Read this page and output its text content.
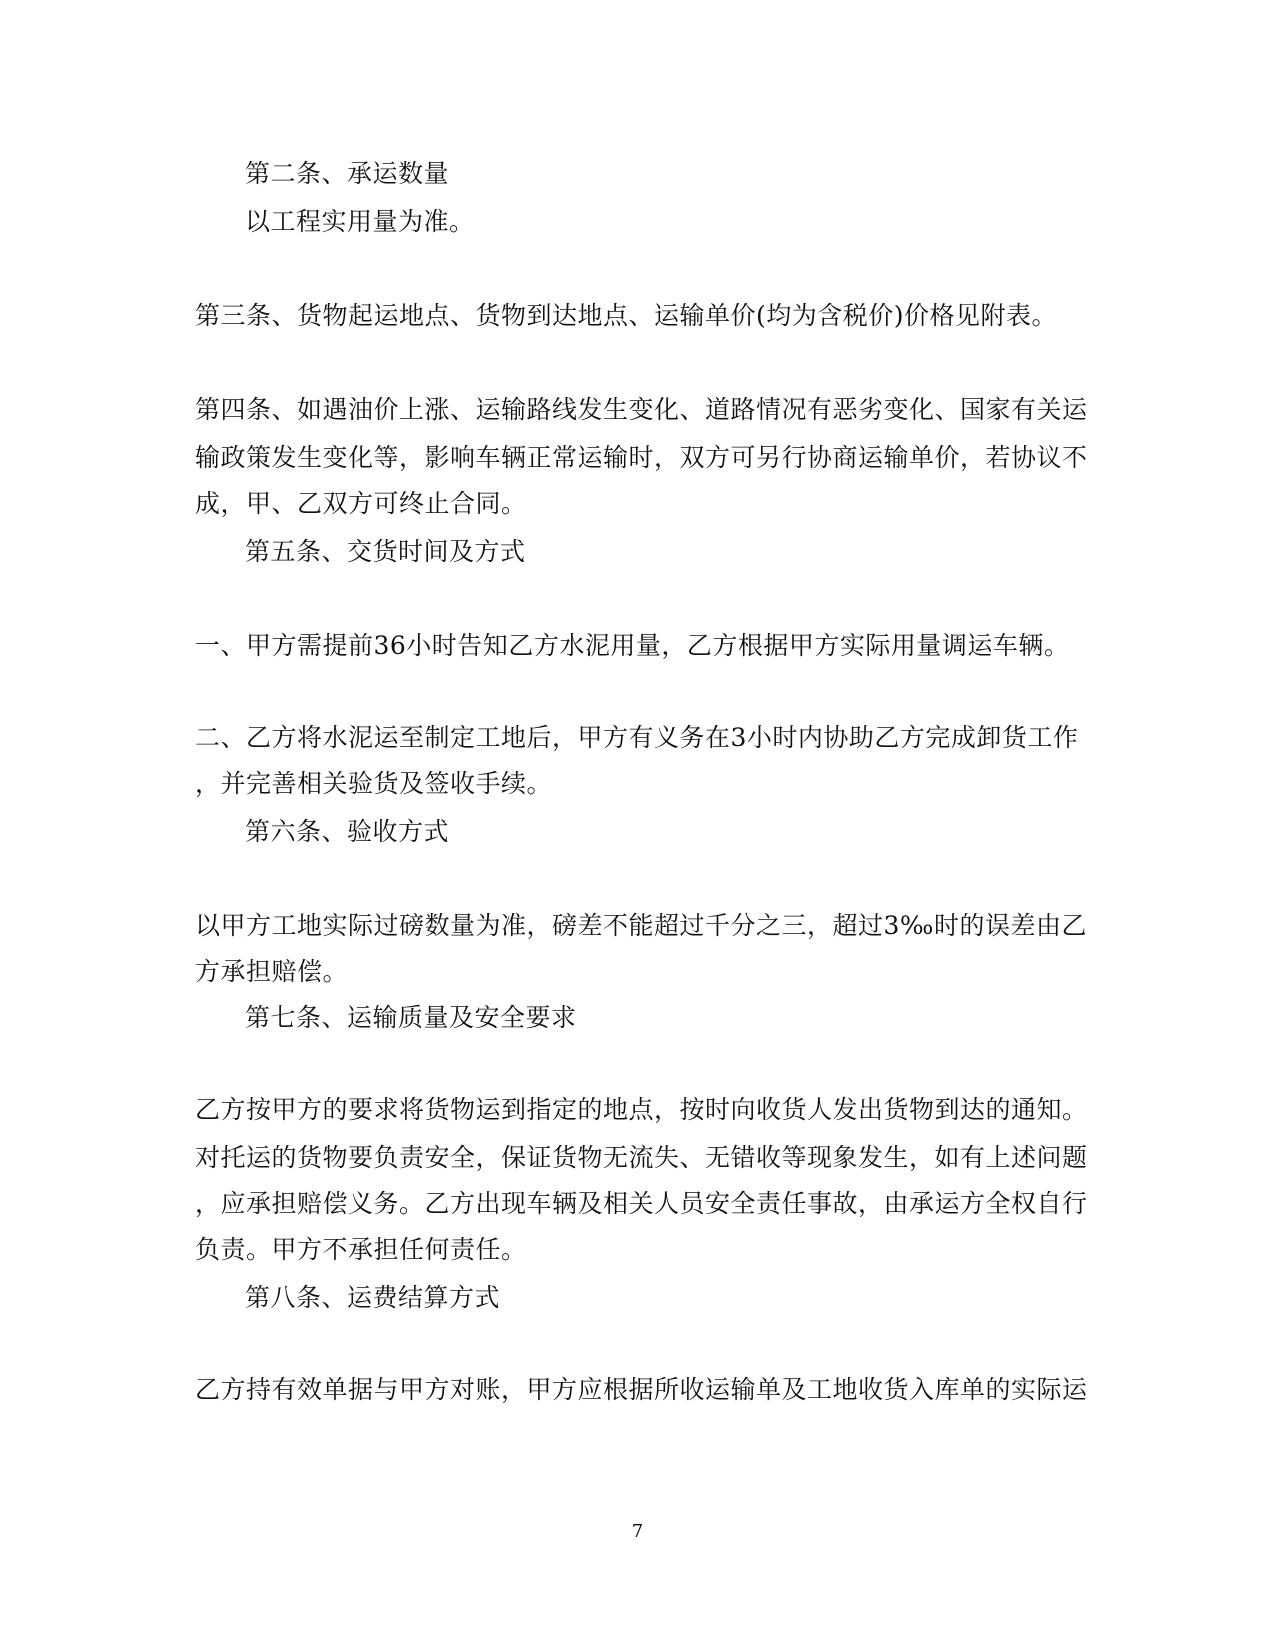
第二条、承运数量
以工程实用量为准。
第三条、货物起运地点、货物到达地点、运输单价(均为含税价)价格见附表。
第四条、如遇油价上涨、运输路线发生变化、道路情况有恶劣变化、国家有关运
输政策发生变化等，影响车辆正常运输时，双方可另行协商运输单价，若协议不
成，甲、乙双方可终止合同。
第五条、交货时间及方式
一、甲方需提前36小时告知乙方水泥用量，乙方根据甲方实际用量调运车辆。
二、乙方将水泥运至制定工地后，甲方有义务在3小时内协助乙方完成卸货工作
，并完善相关验货及签收手续。
第六条、验收方式
以甲方工地实际过磅数量为准，磅差不能超过千分之三，超过3‰时的误差由乙
方承担赔偿。
第七条、运输质量及安全要求
乙方按甲方的要求将货物运到指定的地点，按时向收货人发出货物到达的通知。
对托运的货物要负责安全，保证货物无流失、无错收等现象发生，如有上述问题
，应承担赔偿义务。乙方出现车辆及相关人员安全责任事故，由承运方全权自行
负责。甲方不承担任何责任。
第八条、运费结算方式
乙方持有效单据与甲方对账，甲方应根据所收运输单及工地收货入库单的实际运
7
